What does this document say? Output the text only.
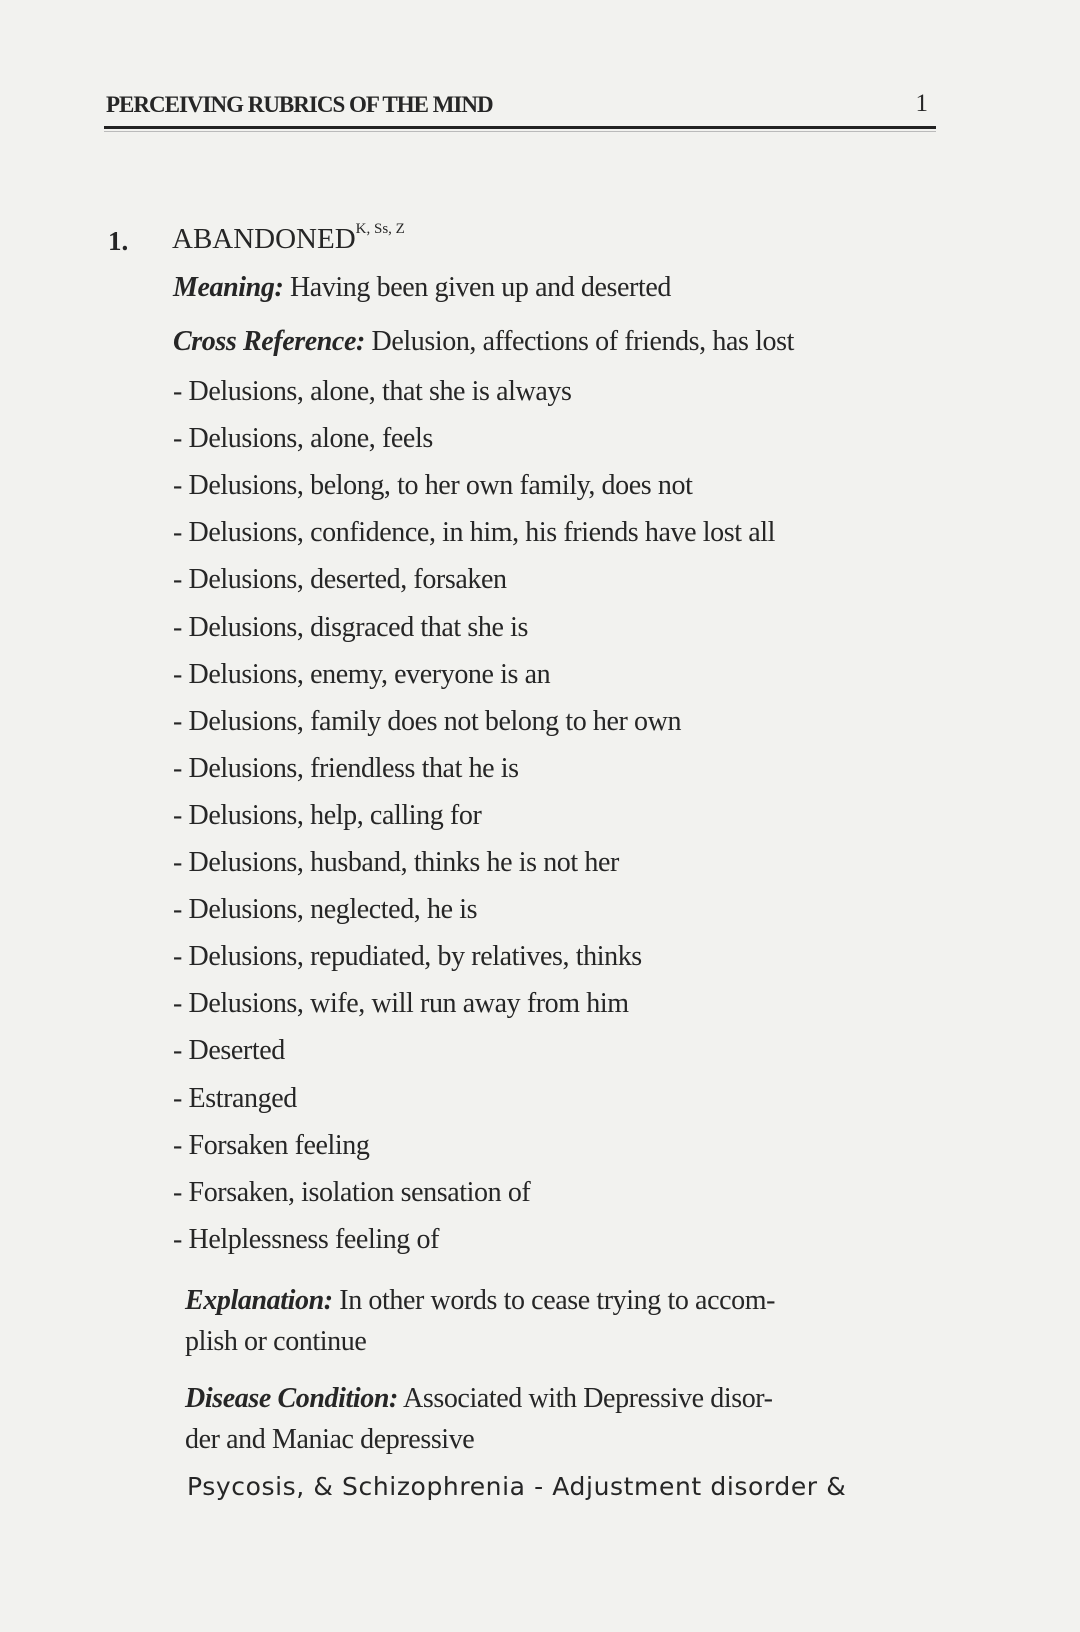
PERCEIVING RUBRICS OF THE MIND	1
1. $ABANDONED^{K, Ss, Z}$
Meaning: Having been given up and deserted
Cross Reference: Delusion, affections of friends, has lost
- Delusions, alone, that she is always
- Delusions, alone, feels
- Delusions, belong, to her own family, does not
- Delusions, confidence, in him, his friends have lost all
- Delusions, deserted, forsaken
- Delusions, disgraced that she is
- Delusions, enemy, everyone is an
- Delusions, family does not belong to her own
- Delusions, friendless that he is
- Delusions, help, calling for
- Delusions, husband, thinks he is not her
- Delusions, neglected, he is
- Delusions, repudiated, by relatives, thinks
- Delusions, wife, will run away from him
- Deserted
- Estranged
- Forsaken feeling
- Forsaken, isolation sensation of
- Helplessness feeling of
Explanation: In other words to cease trying to accom-
plish or continue
Disease Condition: Associated with Depressive disor-
der and Maniac depressive
Psycosis, & Schizophrenia - Adjustment disorder &
